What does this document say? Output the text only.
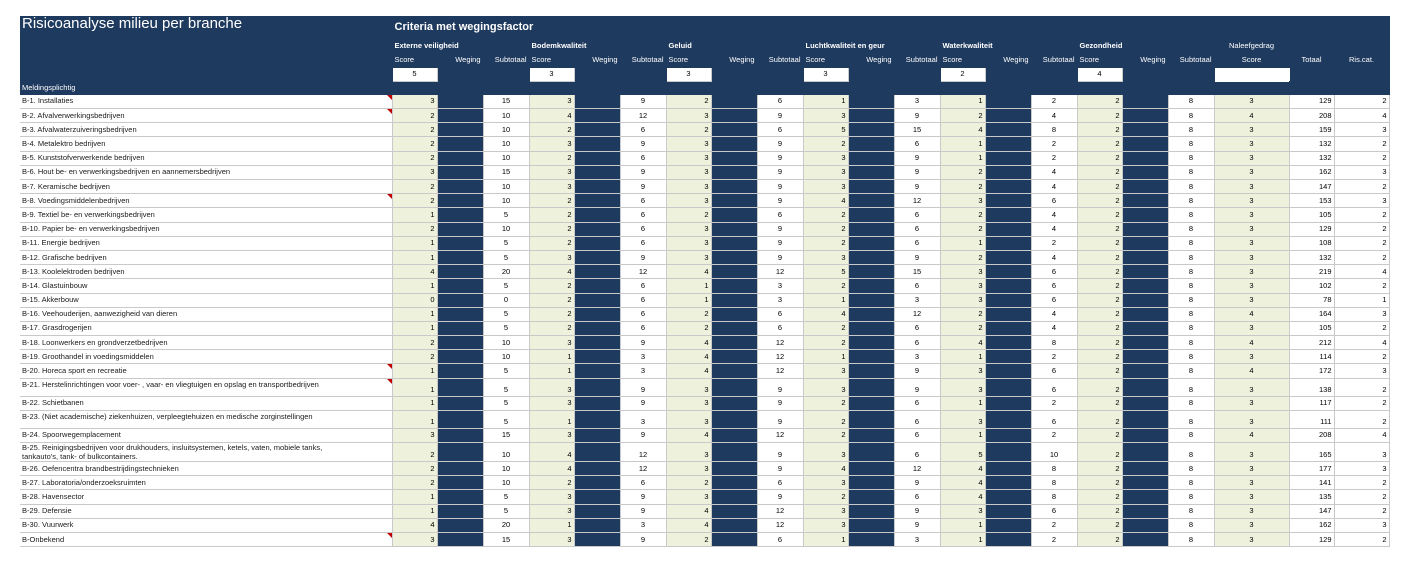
Risicoanalyse milieu per branche	Criteria met wegingsfactor																				
	Externe veiligheid			Bodemkwaliteit			Geluid			Luchtkwaliteit en geur			Waterkwaliteit			Gezondheid			Naleefgedrag	Totaal	Ris.cat.
	Score	Weging	Subtotaal	Score	Weging	Subtotaal	Score	Weging	Subtotaal	Score	Weging	Subtotaal	Score	Weging	Subtotaal	Score	Weging	Subtotaal	Score		
	5			3			3			3			2			4					
Meldingsplichtig																					

B-1. Installaties	3		15	3		9	2		6	1		3	1		2	2		8	3	129	2

B-2. Afvalverwerkingsbedrijven	2		10	4		12	3		9	3		9	2		4	2		8	4	208	4

B-3. Afvalwaterzuiveringsbedrijven	2		10	2		6	2		6	5		15	4		8	2		8	3	159	3

B-4. Metalektro bedrijven	2		10	3		9	3		9	2		6	1		2	2		8	3	132	2

B-5. Kunststofverwerkende bedrijven	2		10	2		6	3		9	3		9	1		2	2		8	3	132	2

B-6. Hout be- en verwerkingsbedrijven en aannemersbedrijven	3		15	3		9	3		9	3		9	2		4	2		8	3	162	3

B-7. Keramische bedrijven	2		10	3		9	3		9	3		9	2		4	2		8	3	147	2

B-8. Voedingsmiddelenbedrijven	2		10	2		6	3		9	4		12	3		6	2		8	3	153	3

B-9. Textiel be- en verwerkingsbedrijven	1		5	2		6	2		6	2		6	2		4	2		8	3	105	2

B-10. Papier be- en verwerkingsbedrijven	2		10	2		6	3		9	2		6	2		4	2		8	3	129	2

B-11. Energie bedrijven	1		5	2		6	3		9	2		6	1		2	2		8	3	108	2

B-12. Grafische bedrijven	1		5	3		9	3		9	3		9	2		4	2		8	3	132	2

B-13. Koolelektroden bedrijven	4		20	4		12	4		12	5		15	3		6	2		8	3	219	4

B-14. Glastuinbouw	1		5	2		6	1		3	2		6	3		6	2		8	3	102	2

B-15. Akkerbouw	0		0	2		6	1		3	1		3	3		6	2		8	3	78	1

B-16. Veehouderijen, aanwezigheid van dieren	1		5	2		6	2		6	4		12	2		4	2		8	4	164	3

B-17. Grasdrogerijen	1		5	2		6	2		6	2		6	2		4	2		8	3	105	2

B-18. Loonwerkers en grondverzetbedrijven	2		10	3		9	4		12	2		6	4		8	2		8	4	212	4

B-19. Groothandel in voedingsmiddelen	2		10	1		3	4		12	1		3	1		2	2		8	3	114	2

B-20. Horeca sport en recreatie	1		5	1		3	4		12	3		9	3		6	2		8	4	172	3

B-21. Herstelinrichtingen voor voer- , vaar- en vliegtuigen en opslag en transportbedrijven	1		5	3		9	3		9	3		9	3		6	2		8	3	138	2

B-22. Schietbanen	1		5	3		9	3		9	2		6	1		2	2		8	3	117	2

B-23. (Niet academische) ziekenhuizen, verpleegtehuizen en medische zorginstellingen	1		5	1		3	3		9	2		6	3		6	2		8	3	111	2

B-24. Spoorwegemplacement	3		15	3		9	4		12	2		6	1		2	2		8	4	208	4

B-25. Reinigingsbedrijven voor drukhouders, insluitsystemen, ketels, vaten, mobiele tanks,
tankauto's, tank- of bulkcontainers.	2		10	4		12	3		9	3		6	5		10	2		8	3	165	3

B-26. Oefencentra brandbestrijdingstechnieken	2		10	4		12	3		9	4		12	4		8	2		8	3	177	3

B-27. Laboratoria/onderzoeksruimten	2		10	2		6	2		6	3		9	4		8	2		8	3	141	2

B-28. Havensector	1		5	3		9	3		9	2		6	4		8	2		8	3	135	2

B-29. Defensie	1		5	3		9	4		12	3		9	3		6	2		8	3	147	2

B-30. Vuurwerk	4		20	1		3	4		12	3		9	1		2	2		8	3	162	3

B-Onbekend	3		15	3		9	2		6	1		3	1		2	2		8	3	129	2
